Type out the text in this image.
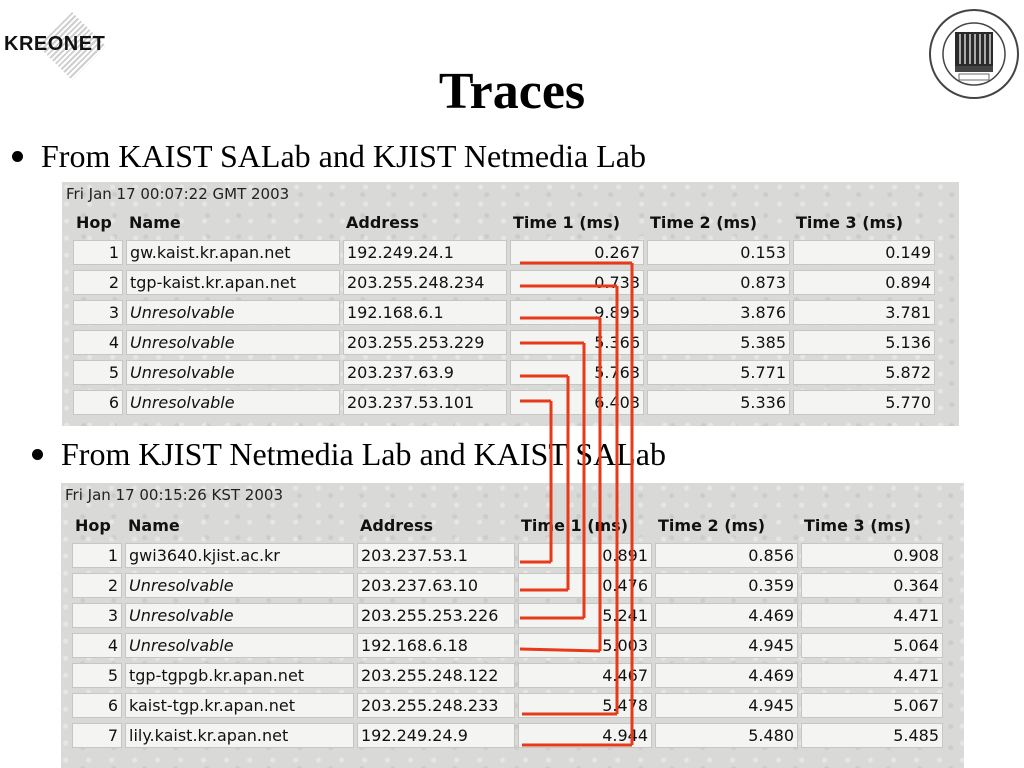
KREONET
Traces
From KAIST SALab and KJIST Netmedia Lab
Fri Jan 17 00:07:22 GMT 2003
Hop	Name	Address	Time 1 (ms)	Time 2 (ms)	Time 3 (ms)
1	gw.kaist.kr.apan.net	192.249.24.1	0.267	0.153	0.149
2	tgp-kaist.kr.apan.net	203.255.248.234	0.733	0.873	0.894
3	Unresolvable	192.168.6.1	9.895	3.876	3.781
4	Unresolvable	203.255.253.229	5.366	5.385	5.136
5	Unresolvable	203.237.63.9	5.763	5.771	5.872
6	Unresolvable	203.237.53.101	6.403	5.336	5.770
From KJIST Netmedia Lab and KAIST SALab
Fri Jan 17 00:15:26 KST 2003
Hop	Name	Address	Time 1 (ms)	Time 2 (ms)	Time 3 (ms)
1	gwi3640.kjist.ac.kr	203.237.53.1	0.891	0.856	0.908
2	Unresolvable	203.237.63.10	0.476	0.359	0.364
3	Unresolvable	203.255.253.226	5.241	4.469	4.471
4	Unresolvable	192.168.6.18	5.003	4.945	5.064
5	tgp-tgpgb.kr.apan.net	203.255.248.122	4.467	4.469	4.471
6	kaist-tgp.kr.apan.net	203.255.248.233	5.478	4.945	5.067
7	lily.kaist.kr.apan.net	192.249.24.9	4.944	5.480	5.485
